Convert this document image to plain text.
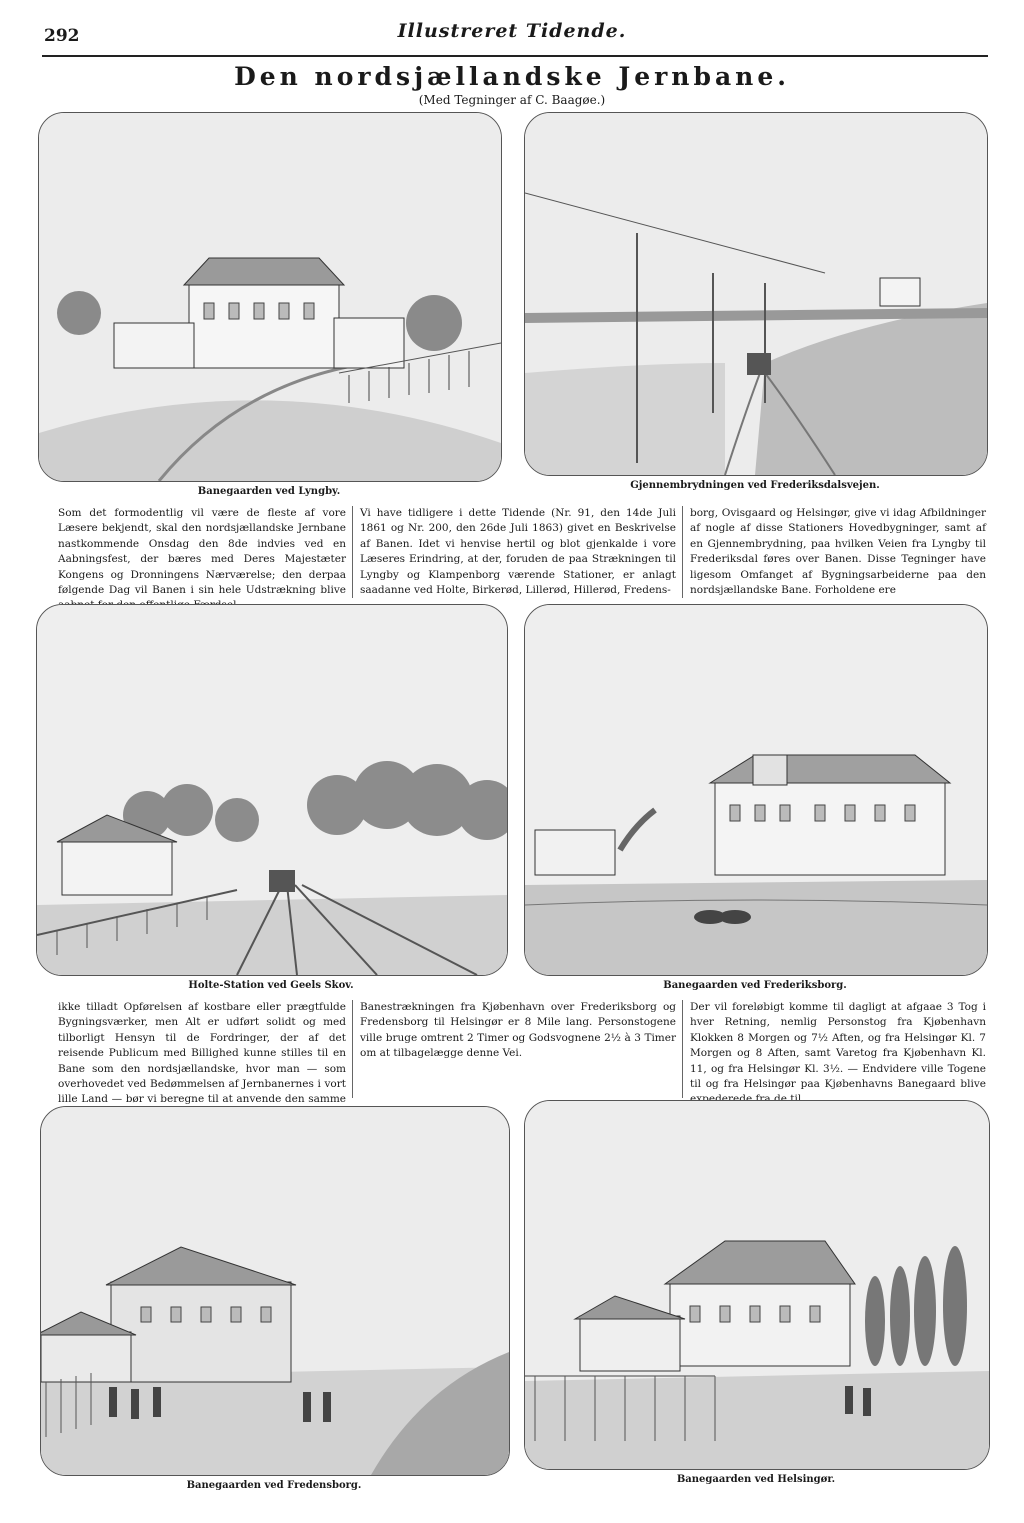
292	Illustreret Tidende.
Den nordsjællandske Jernbane.
(Med Tegninger af C. Baagøe.)
Banegaarden ved Lyngby.
Gjennembrydningen ved Frederiksdalsvejen.

Som det formodentlig vil være de fleste af vore Læsere bekjendt, skal den nordsjællandske Jernbane nastkommende Onsdag den 8de indvies ved en Aabningsfest, der bæres med Deres Majestæter Kongens og Dronningens Nærværelse; den derpaa følgende Dag vil Banen i sin hele Udstrækning blive

Vi have tidligere i dette Tidende (Nr. 91, den 14de Juli 1861 og Nr. 200, den 26de Juli 1863) givet en Beskrivelse af Banen. Idet vi henvise hertil og blot gjenkalde i vore Læseres Erindring, at der, foruden de paa Strækningen til Lyngby og Klampenborg værende Stationer, er anlagt saadanne ved Holte, Birkerød, Lillerød, Hillerød, Fredens-

borg, Ovisgaard og Helsingør, give vi idag Afbildninger af nogle af disse Stationers Hovedbygninger, samt af en Gjennembrydning, paa hvilken Veien fra Lyngby til Frederiksdal føres over Banen. Disse Tegninger have ligesom Omfanget af Bygningsarbeiderne paa den nordsjællandske Bane. Forholdene ere

Holte-Station ved Geels Skov.	Banegaarden ved Frederiksborg.

ikke tilladt Opførelsen af kostbare eller prægtfulde Bygningsværker, men Alt er udført solidt og med tilborligt Hensyn til de Fordringer, der af det reisende Publicum med Billighed kunne stilles til en Bane som den nordsjællandske, hvor man — som overhovedet ved Bedømmelsen af Jernbanernes i vort lille Land — bør vi beregne til at anvende den samme

Banestrækningen fra Kjøbenhavn over Frederiksborg og Fredensborg til Helsingør er 8 Mile lang. Personstogene ville bruge omtrent 2 Timer og Godsvognene 2½ à 3 Timer om at tilbagelægge denne Vei.

Der vil foreløbigt komme til dagligt at afgaae 3 Tog i hver Retning, nemlig Personstog fra Kjøbenhavn Klokken 8 Morgen og 7½ Aften, og fra Helsingør Kl. 7 Morgen og 8 Aften, samt Varetog fra Kjøbenhavn Kl. 11, og fra Helsingør Kl. 3½. — Endvidere ville Togene til og fra Helsingør paa Kjøbenhavns Banegaard blive

Banegaarden ved Fredensborg.
Banegaarden ved Helsingør.
